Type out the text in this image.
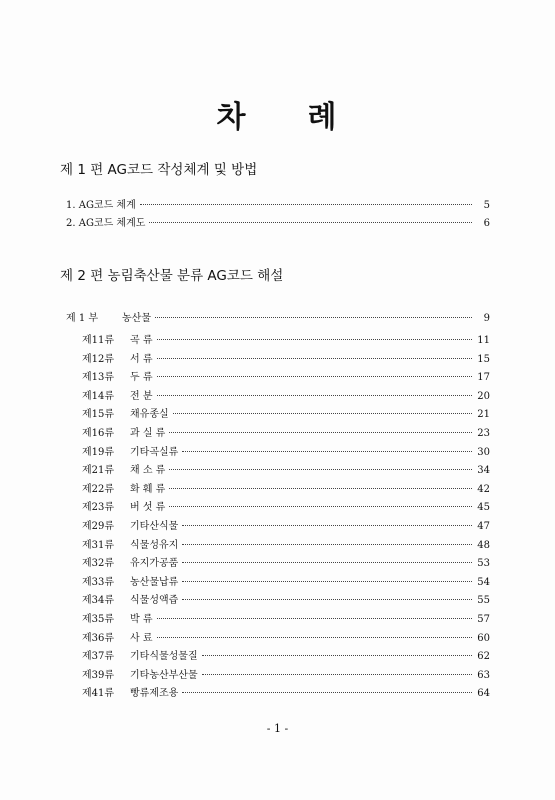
차 례
제 1 편 AG코드 작성체계 및 방법
1. AG코드 체계	5
2. AG코드 체계도	6
제 2 편 농림축산물 분류 AG코드 해설
제 1 부	농산물	9
제11류	곡 류	11
제12류	서 류	15
제13류	두 류	17
제14류	전 분	20
제15류	채유종실	21
제16류	과 실 류	23
제19류	기타곡실류	30
제21류	채 소 류	34
제22류	화 훼 류	42
제23류	버 섯 류	45
제29류	기타산식물	47
제31류	식물성유지	48
제32류	유지가공품	53
제33류	농산물납류	54
제34류	식물성액즙	55
제35류	박 류	57
제36류	사 료	60
제37류	기타식물성물질	62
제39류	기타농산부산물	63
제41류	빵류제조용	64
- 1 -
